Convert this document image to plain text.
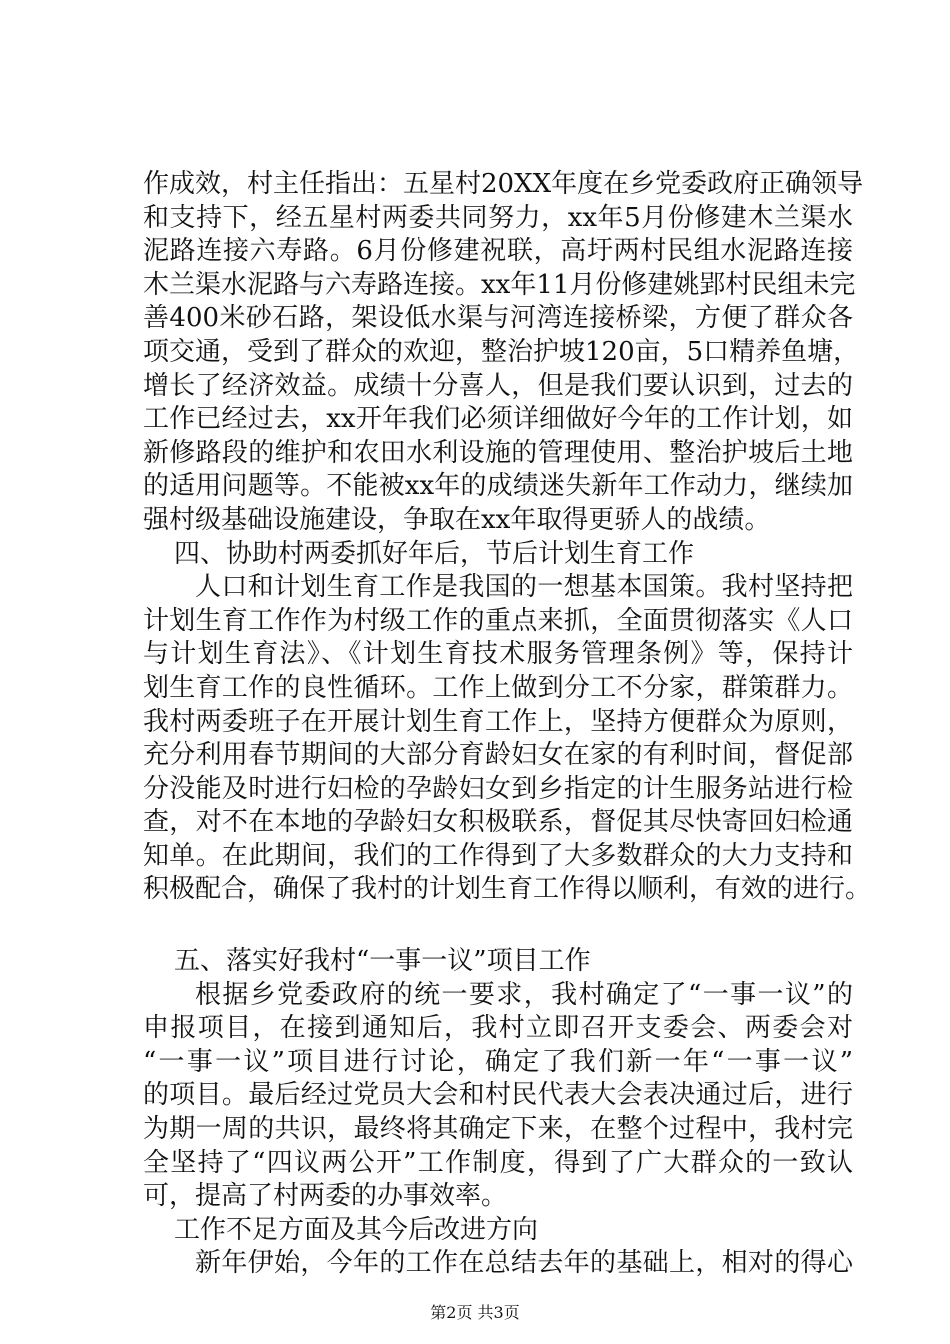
作成效，村主任指出：五星村20XX年度在乡党委政府正确领导
和支持下，经五星村两委共同努力，xx年5月份修建木兰渠水
泥路连接六寿路。6月份修建祝联，高圩两村民组水泥路连接
木兰渠水泥路与六寿路连接。xx年11月份修建姚郢村民组未完
善400米砂石路，架设低水渠与河湾连接桥梁，方便了群众各
项交通，受到了群众的欢迎，整治护坡120亩，5口精养鱼塘，
增长了经济效益。成绩十分喜人，但是我们要认识到，过去的
工作已经过去，xx开年我们必须详细做好今年的工作计划，如
新修路段的维护和农田水利设施的管理使用、整治护坡后土地
的适用问题等。不能被xx年的成绩迷失新年工作动力，继续加
强村级基础设施建设，争取在xx年取得更骄人的战绩。
四、协助村两委抓好年后，节后计划生育工作
人口和计划生育工作是我国的一想基本国策。我村坚持把
计划生育工作作为村级工作的重点来抓，全面贯彻落实《人口
与计划生育法》、《计划生育技术服务管理条例》等，保持计
划生育工作的良性循环。工作上做到分工不分家，群策群力。
我村两委班子在开展计划生育工作上，坚持方便群众为原则，
充分利用春节期间的大部分育龄妇女在家的有利时间，督促部
分没能及时进行妇检的孕龄妇女到乡指定的计生服务站进行检
查，对不在本地的孕龄妇女积极联系，督促其尽快寄回妇检通
知单。在此期间，我们的工作得到了大多数群众的大力支持和
积极配合，确保了我村的计划生育工作得以顺利，有效的进行。
五、落实好我村“一事一议”项目工作
根据乡党委政府的统一要求，我村确定了“一事一议”的
申报项目，在接到通知后，我村立即召开支委会、两委会对
“一事一议”项目进行讨论，确定了我们新一年“一事一议”
的项目。最后经过党员大会和村民代表大会表决通过后，进行
为期一周的共识，最终将其确定下来，在整个过程中，我村完
全坚持了“四议两公开”工作制度，得到了广大群众的一致认
可，提高了村两委的办事效率。
工作不足方面及其今后改进方向
新年伊始，今年的工作在总结去年的基础上，相对的得心
第2页 共3页
